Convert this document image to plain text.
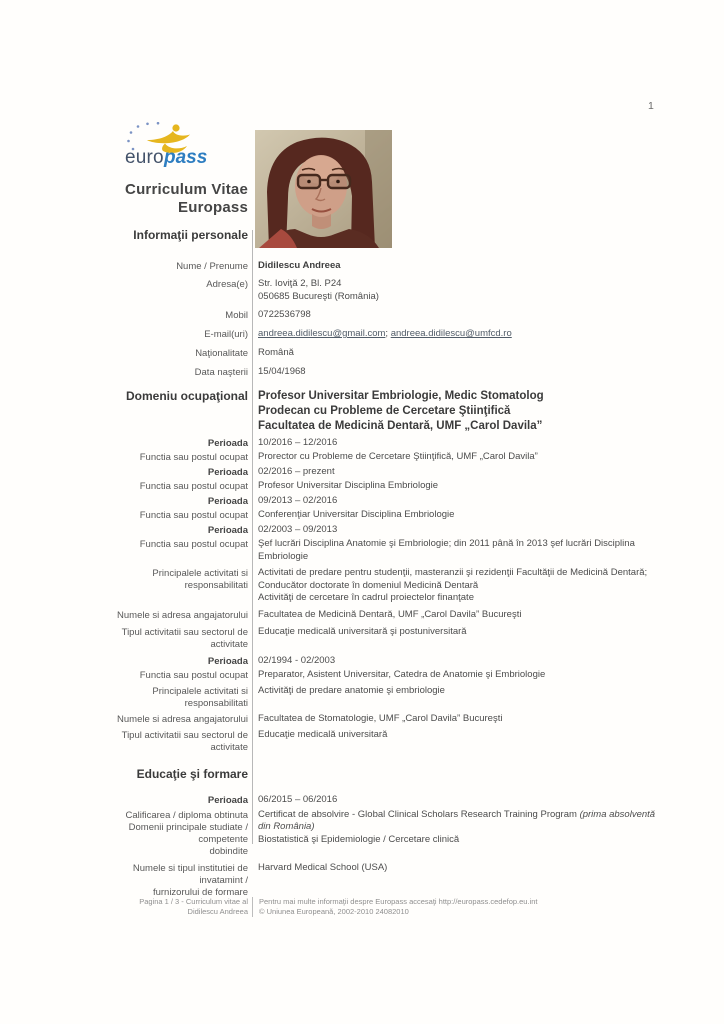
1
euro pass
Curriculum Vitae
Europass
Informaţii personale
Nume / Prenume Didilescu Andreea
Adresa(e) Str. Ioviţă 2, Bl. P24
050685 Bucureşti (România)
Mobil 0722536798
E-mail(uri) andreea.didilescu@gmail.com; andreea.didilescu@umfcd.ro
Naţionalitate Română
Data naşterii 15/04/1968
Domeniu ocupaţional Profesor Universitar Embriologie, Medic Stomatolog
Prodecan cu Probleme de Cercetare Ştiinţifică
Facultatea de Medicină Dentară, UMF „Carol Davila”
Perioada 10/2016 – 12/2016
Functia sau postul ocupat Prorector cu Probleme de Cercetare Ştiinţifică, UMF „Carol Davila”
Perioada 02/2016 – prezent
Functia sau postul ocupat Profesor Universitar Disciplina Embriologie
Perioada 09/2013 – 02/2016
Functia sau postul ocupat Conferenţiar Universitar Disciplina Embriologie
Perioada 02/2003 – 09/2013
Functia sau postul ocupat Şef lucrări Disciplina Anatomie şi Embriologie; din 2011 până în 2013 şef lucrări Disciplina Embriologie
Principalele activitati si responsabilitati
Activitati de predare pentru studenţii, masteranzii şi rezidenţii Facultăţii de Medicină Dentară;
Conducător doctorate în domeniul Medicină Dentară
Activităţi de cercetare în cadrul proiectelor finanţate
Numele si adresa angajatorului Facultatea de Medicină Dentară, UMF „Carol Davila” Bucureşti
Tipul activitatii sau sectorul de activitate
Educaţie medicală universitară şi postuniversitară
Perioada 02/1994 - 02/2003
Functia sau postul ocupat Preparator, Asistent Universitar, Catedra de Anatomie şi Embriologie
Principalele activitati si responsabilitati
Activităţi de predare anatomie şi embriologie
Numele si adresa angajatorului Facultatea de Stomatologie, UMF „Carol Davila” Bucureşti
Tipul activitatii sau sectorul de activitate
Educaţie medicală universitară
Educaţie şi formare
Perioada 06/2015 – 06/2016
Calificarea / diploma obtinuta
Domenii principale studiate / competente
dobindite
Certificat de absolvire - Global Clinical Scholars Research Training Program (prima absolventă din România)
Biostatistică şi Epidemiologie / Cercetare clinică
Numele si tipul institutiei de invatamint /
furnizorului de formare
Harvard Medical School (USA)
Pagina 1 / 3 - Curriculum vitae al
Didilescu Andreea
Pentru mai multe informaţii despre Europass accesaţi http://europass.cedefop.eu.int
© Uniunea Europeană, 2002-2010 24082010
